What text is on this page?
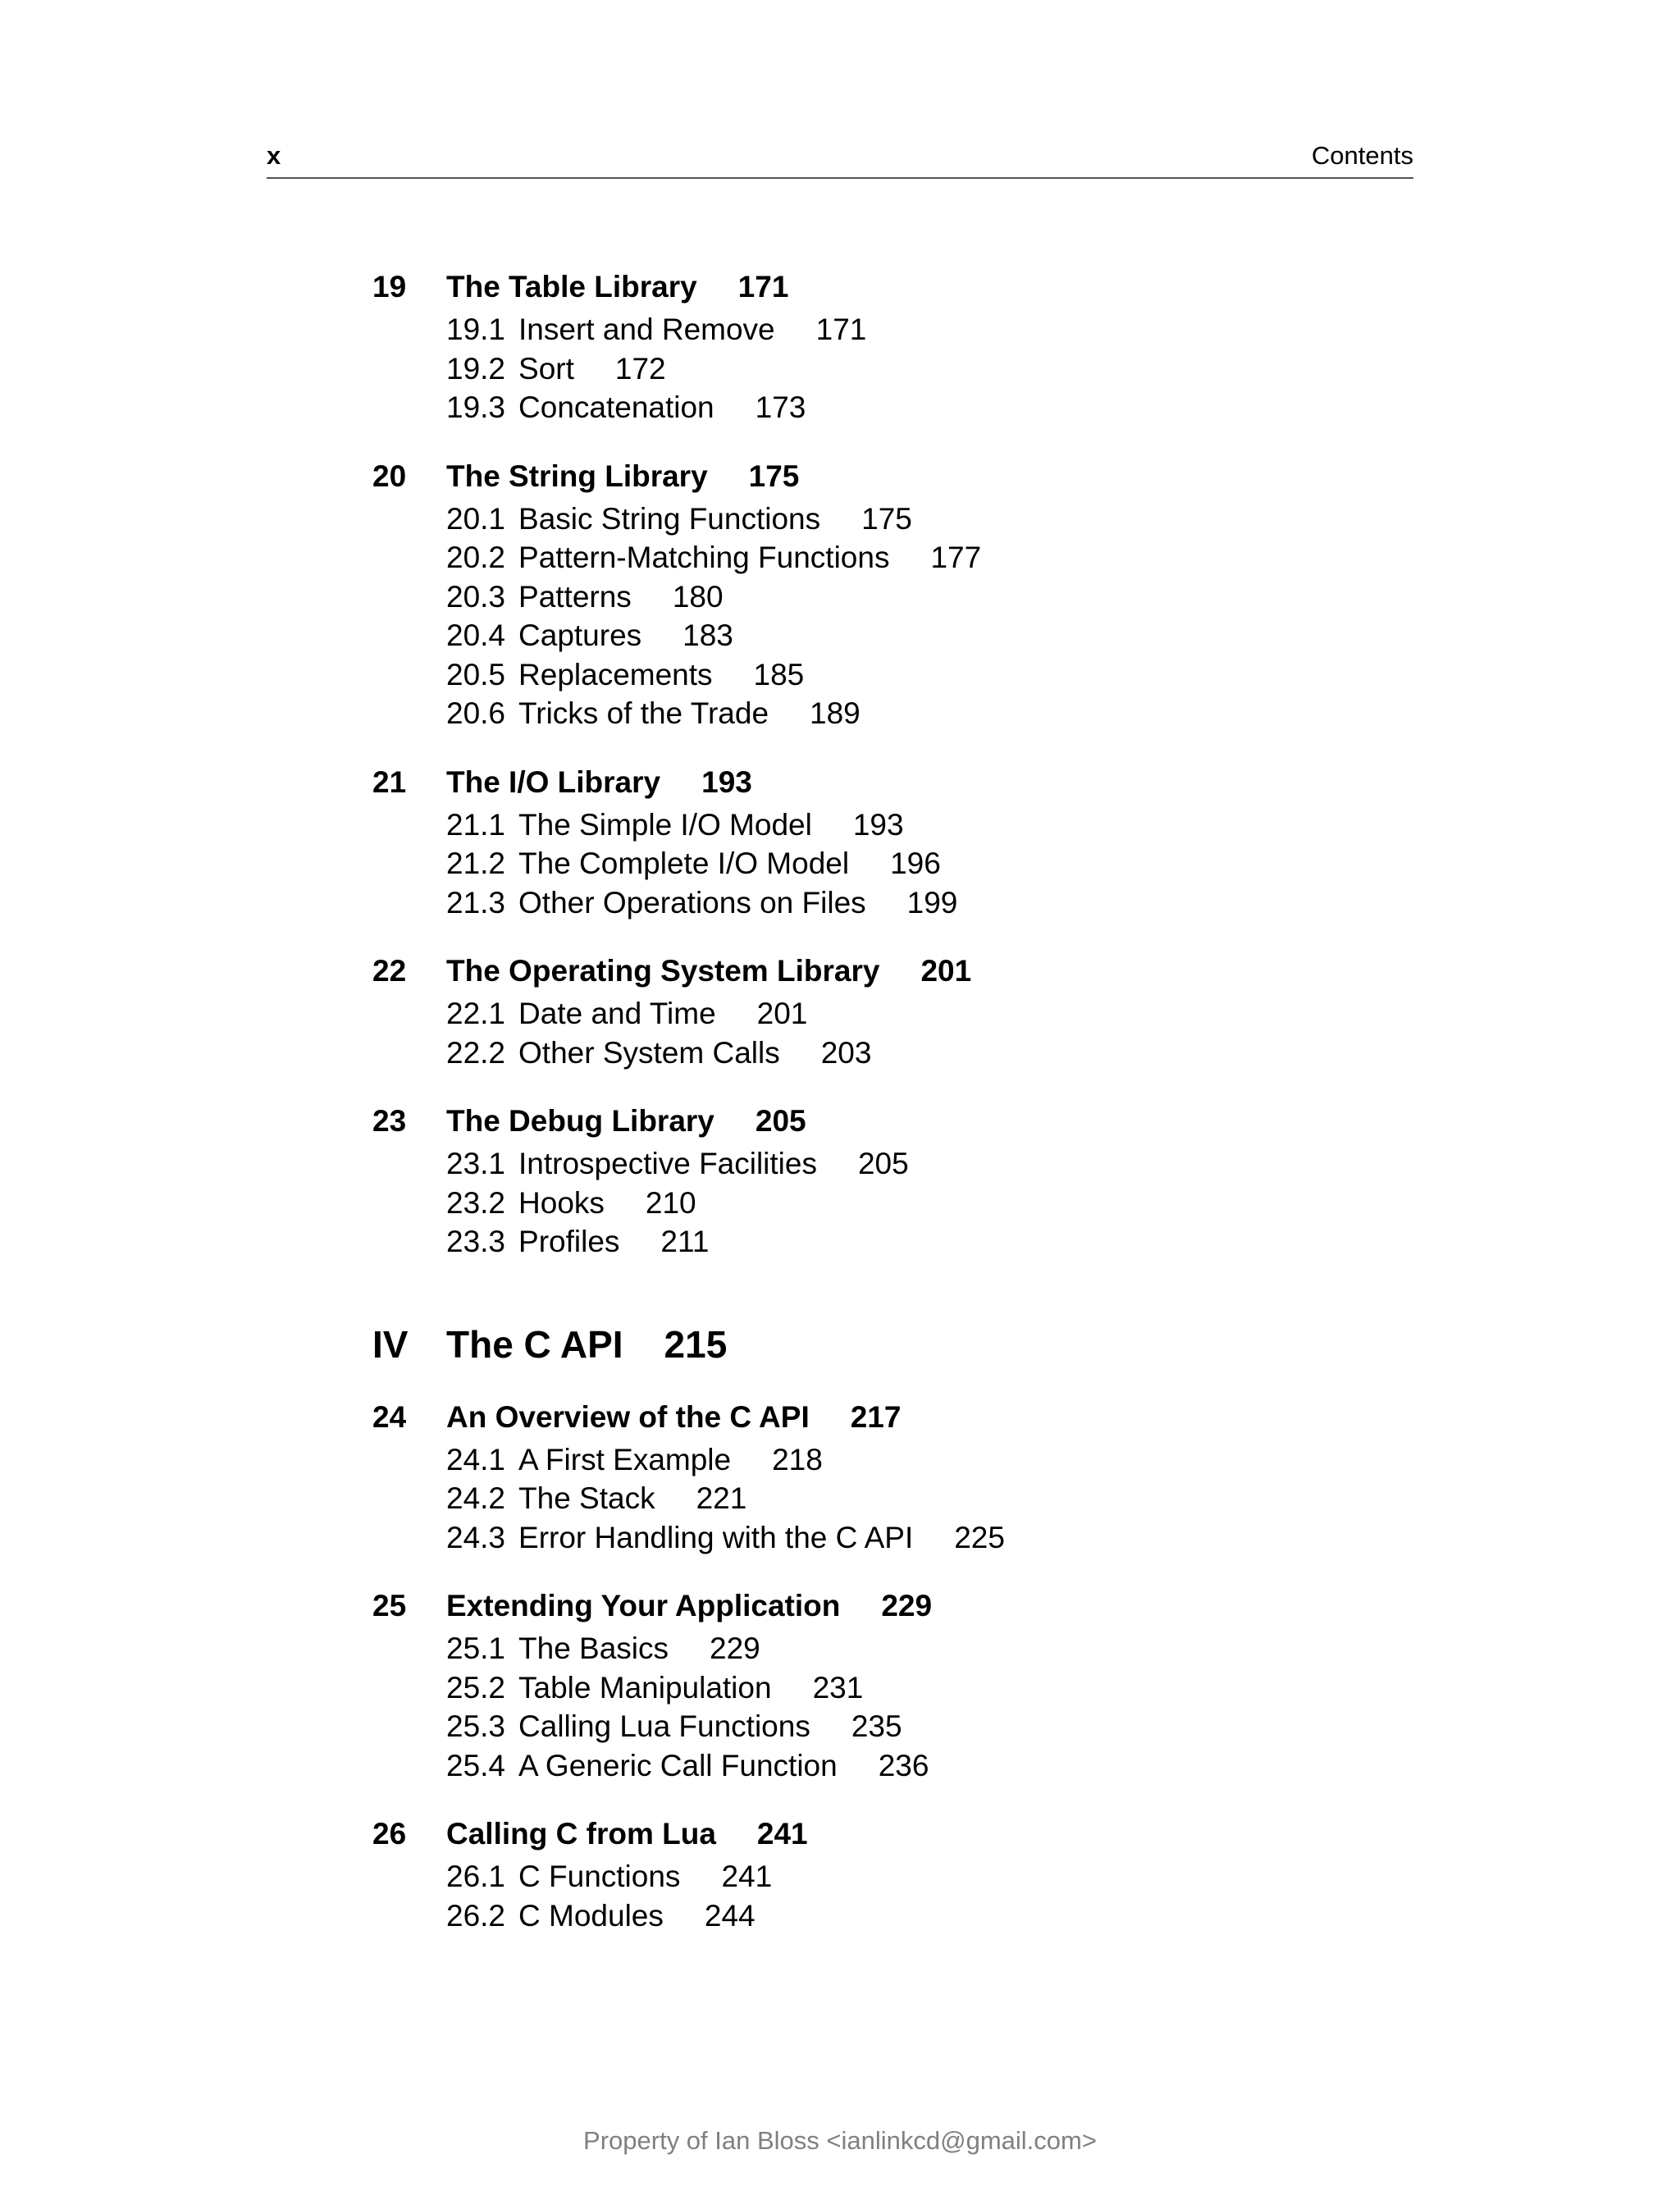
x	Contents
19	The Table Library 171
19.1 Insert and Remove 171
19.2 Sort 172
19.3 Concatenation 173
20	The String Library 175
20.1 Basic String Functions 175
20.2 Pattern-Matching Functions 177
20.3 Patterns 180
20.4 Captures 183
20.5 Replacements 185
20.6 Tricks of the Trade 189
21	The I/O Library 193
21.1 The Simple I/O Model 193
21.2 The Complete I/O Model 196
21.3 Other Operations on Files 199
22	The Operating System Library 201
22.1 Date and Time 201
22.2 Other System Calls 203
23	The Debug Library 205
23.1 Introspective Facilities 205
23.2 Hooks 210
23.3 Profiles 211
IV	The C API 215
24	An Overview of the C API 217
24.1 A First Example 218
24.2 The Stack 221
24.3 Error Handling with the C API 225
25	Extending Your Application 229
25.1 The Basics 229
25.2 Table Manipulation 231
25.3 Calling Lua Functions 235
25.4 A Generic Call Function 236
26	Calling C from Lua 241
26.1 C Functions 241
26.2 C Modules 244
Property of Ian Bloss <ianlinkcd@gmail.com>
